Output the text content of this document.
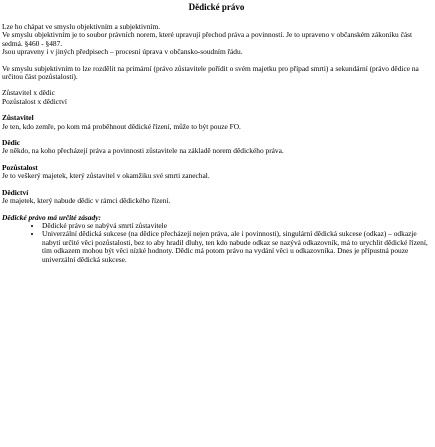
Dědické právo

Lze ho chápat ve smyslu objektivním a subjektivním.

Ve smyslu objektivním je to soubor právních norem, které upravují přechod práva a povinností. Je to upraveno v občanském zákoníku část sedmá. §460 - §487.

Jsou upraveny i v jiných předpisech – procesní úprava v občansko-soudním řádu.

Ve smyslu subjektivním to lze rozdělit na primární (právo zůstavitele pořídit o svém majetku pro případ smrti) a sekundární (právo dědice na určitou část pozůstalosti).

Zůstavitel x dědic

Pozůstalost x dědictví

Zůstavitel

Je ten, kdo zemře, po kom má proběhnout dědické řízení, může to být pouze FO.

Dědic

Je někdo, na koho přecházejí práva a povinnosti zůstavitele na základě norem dědického práva.

Pozůstalost

Je to veškerý majetek, který zůstavitel v okamžiku své smrti zanechal.

Dědictví

Je majetek, který nabude dědic v rámci dědického řízení.

Dědické právo má určité zásady:

• Dědické právo se nabývá smrtí zůstavitele
• Univerzální dědická sukcese (na dědice přecházejí nejen práva, ale i povinnosti), singulární dědická sukcese (odkaz) – odkazje nabytí určité věci pozůstalosti, bez to aby hradil dluhy, ten kdo nabude odkaz se nazývá odkazovník, má to urychlit dědické řízení, tím odkazem mohou být věci nízké hodnoty. Dědic má potom právo na vydání věci u odkazovníka. Dnes je přípustná pouze univerzální dědická sukcese.
